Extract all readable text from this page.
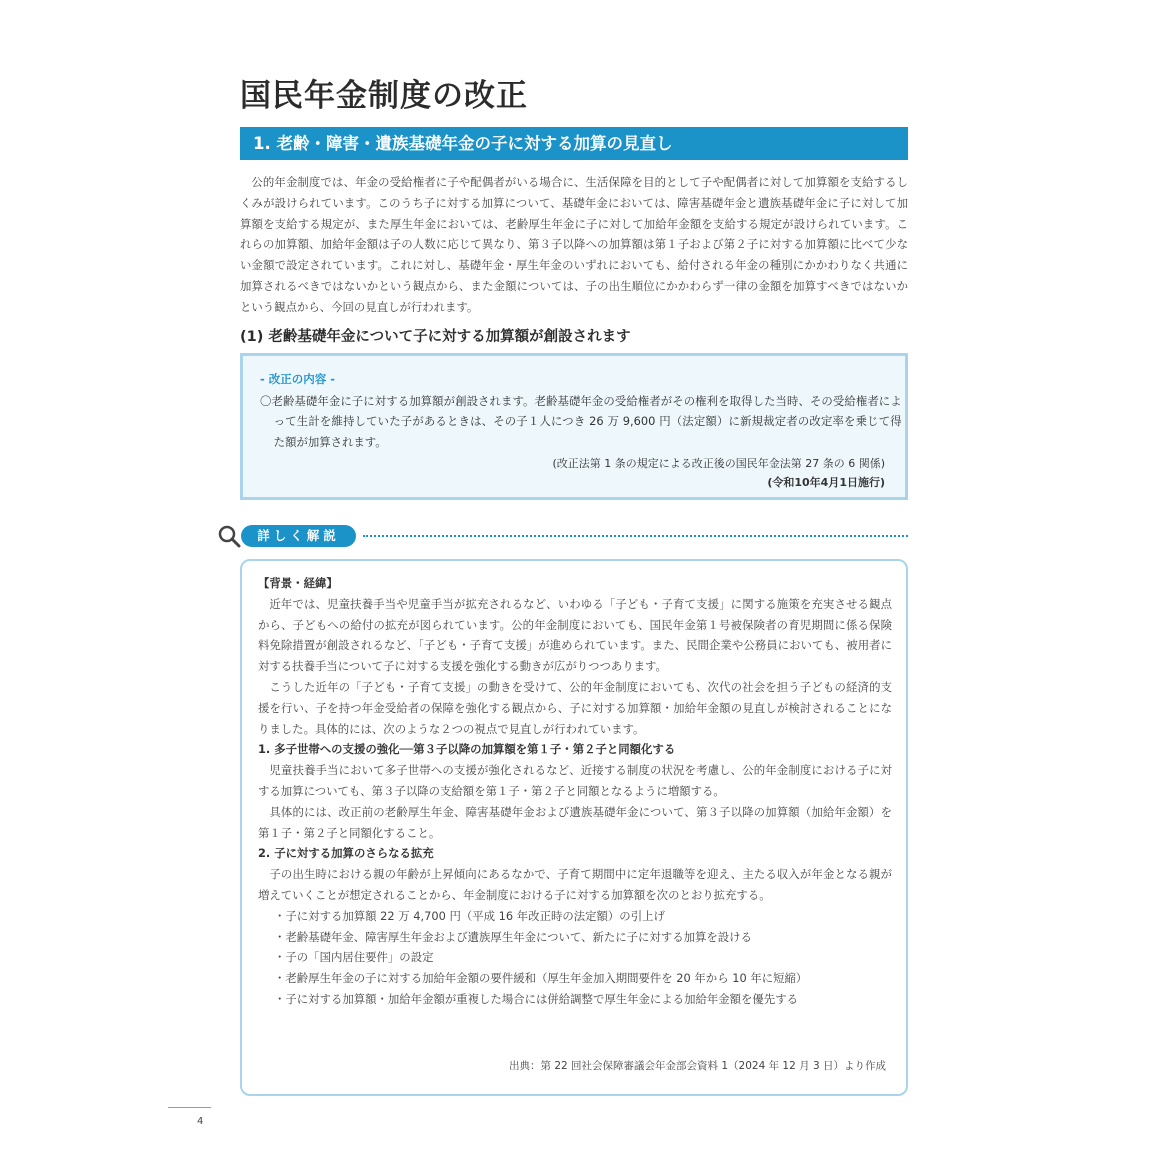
国民年金制度の改正
1. 老齢・障害・遺族基礎年金の子に対する加算の見直し

公的年金制度では、年金の受給権者に子や配偶者がいる場合に、生活保障を目的として子や配偶者に対して加算額を支給するしくみが設けられています。このうち子に対する加算について、基礎年金においては、障害基礎年金と遺族基礎年金に子に対して加算額を支給する規定が、また厚生年金においては、老齢厚生年金に子に対して加給年金額を支給する規定が設けられています。これらの加算額、加給年金額は子の人数に応じて異なり、第３子以降への加算額は第１子および第２子に対する加算額に比べて少ない金額で設定されています。これに対し、基礎年金・厚生年金のいずれにおいても、給付される年金の種別にかかわりなく共通に加算されるべきではないかという観点から、また金額については、子の出生順位にかかわらず一律の金額を加算すべきではないかという観点から、今回の見直しが行われます。

(1) 老齢基礎年金について子に対する加算額が創設されます
- 改正の内容 -
〇老齢基礎年金に子に対する加算額が創設されます。老齢基礎年金の受給権者がその権利を取得した当時、その受給権者によって生計を維持していた子があるときは、その子１人につき 26 万 9,600 円（法定額）に新規裁定者の改定率を乗じて得た額が加算されます。
(改正法第 1 条の規定による改正後の国民年金法第 27 条の 6 関係)
(令和10年4月1日施行)
詳しく解説

【背景・経緯】

近年では、児童扶養手当や児童手当が拡充されるなど、いわゆる「子ども・子育て支援」に関する施策を充実させる観点から、子どもへの給付の拡充が図られています。公的年金制度においても、国民年金第１号被保険者の育児期間に係る保険料免除措置が創設されるなど、「子ども・子育て支援」が進められています。また、民間企業や公務員においても、被用者に対する扶養手当について子に対する支援を強化する動きが広がりつつあります。

こうした近年の「子ども・子育て支援」の動きを受けて、公的年金制度においても、次代の社会を担う子どもの経済的支援を行い、子を持つ年金受給者の保障を強化する観点から、子に対する加算額・加給年金額の見直しが検討されることになりました。具体的には、次のような２つの視点で見直しが行われています。

1. 多子世帯への支援の強化──第３子以降の加算額を第１子・第２子と同額化する

児童扶養手当において多子世帯への支援が強化されるなど、近接する制度の状況を考慮し、公的年金制度における子に対する加算についても、第３子以降の支給額を第１子・第２子と同額となるように増額する。

具体的には、改正前の老齢厚生年金、障害基礎年金および遺族基礎年金について、第３子以降の加算額（加給年金額）を第１子・第２子と同額化すること。

2. 子に対する加算のさらなる拡充

子の出生時における親の年齢が上昇傾向にあるなかで、子育て期間中に定年退職等を迎え、主たる収入が年金となる親が増えていくことが想定されることから、年金制度における子に対する加算額を次のとおり拡充する。

・子に対する加算額 22 万 4,700 円（平成 16 年改正時の法定額）の引上げ
・老齢基礎年金、障害厚生年金および遺族厚生年金について、新たに子に対する加算を設ける
・子の「国内居住要件」の設定
・老齢厚生年金の子に対する加給年金額の要件緩和（厚生年金加入期間要件を 20 年から 10 年に短縮）
・子に対する加算額・加給年金額が重複した場合には併給調整で厚生年金による加給年金額を優先する
出典：第 22 回社会保障審議会年金部会資料 1（2024 年 12 月 3 日）より作成
4
